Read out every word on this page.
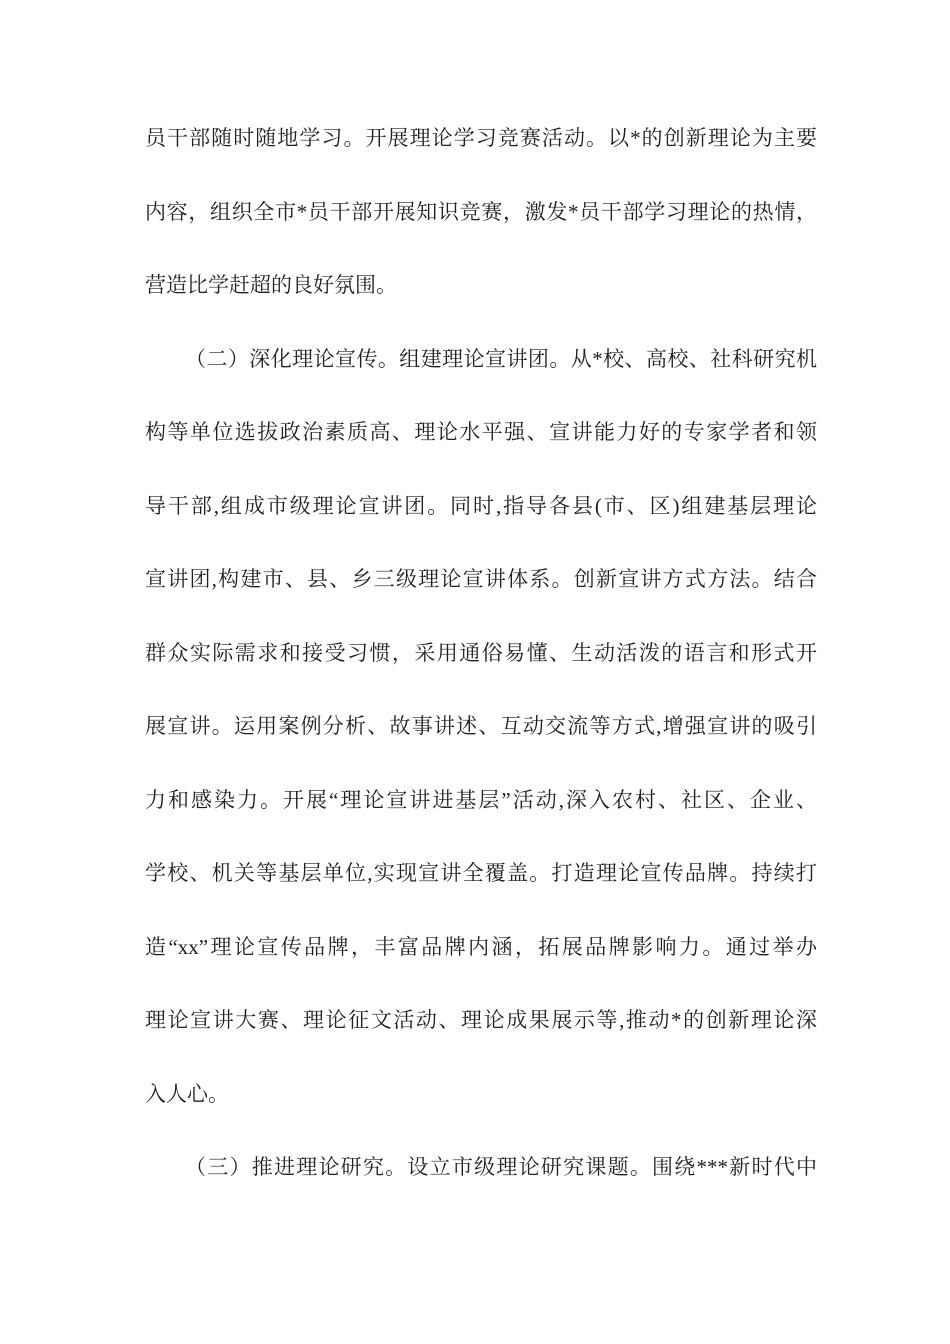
员干部随时随地学习。开展理论学习竞赛活动。以*的创新理论为主要
内容，组织全市*员干部开展知识竞赛，激发*员干部学习理论的热情，
营造比学赶超的良好氛围。
（二）深化理论宣传。组建理论宣讲团。从*校、高校、社科研究机
构等单位选拔政治素质高、理论水平强、宣讲能力好的专家学者和领
导干部,组成市级理论宣讲团。同时,指导各县(市、区)组建基层理论
宣讲团,构建市、县、乡三级理论宣讲体系。创新宣讲方式方法。结合
群众实际需求和接受习惯，采用通俗易懂、生动活泼的语言和形式开
展宣讲。运用案例分析、故事讲述、互动交流等方式,增强宣讲的吸引
力和感染力。开展“理论宣讲进基层”活动,深入农村、社区、企业、
学校、机关等基层单位,实现宣讲全覆盖。打造理论宣传品牌。持续打
造“xx”理论宣传品牌，丰富品牌内涵，拓展品牌影响力。通过举办
理论宣讲大赛、理论征文活动、理论成果展示等,推动*的创新理论深
入人心。
（三）推进理论研究。设立市级理论研究课题。围绕***新时代中
